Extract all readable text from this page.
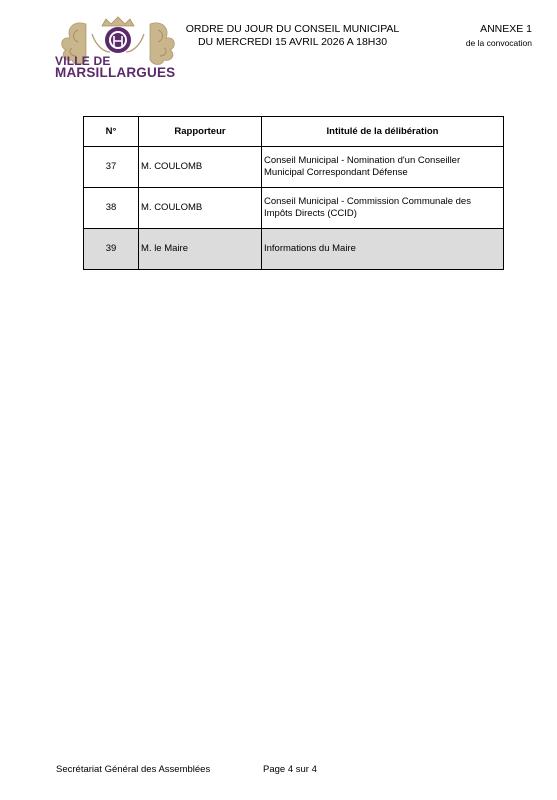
VILLE DE
MARSILLARGUES
ORDRE DU JOUR DU CONSEIL MUNICIPAL
DU MERCREDI 15 AVRIL 2026 A 18H30
ANNEXE 1
de la convocation
N°	Rapporteur	Intitulé de la délibération
37	M. COULOMB	Conseil Municipal - Nomination d'un Conseiller Municipal Correspondant Défense
38	M. COULOMB	Conseil Municipal - Commission Communale des Impôts Directs (CCID)
39	M. le Maire	Informations du Maire
Secrétariat Général des Assemblées	Page 4 sur 4
